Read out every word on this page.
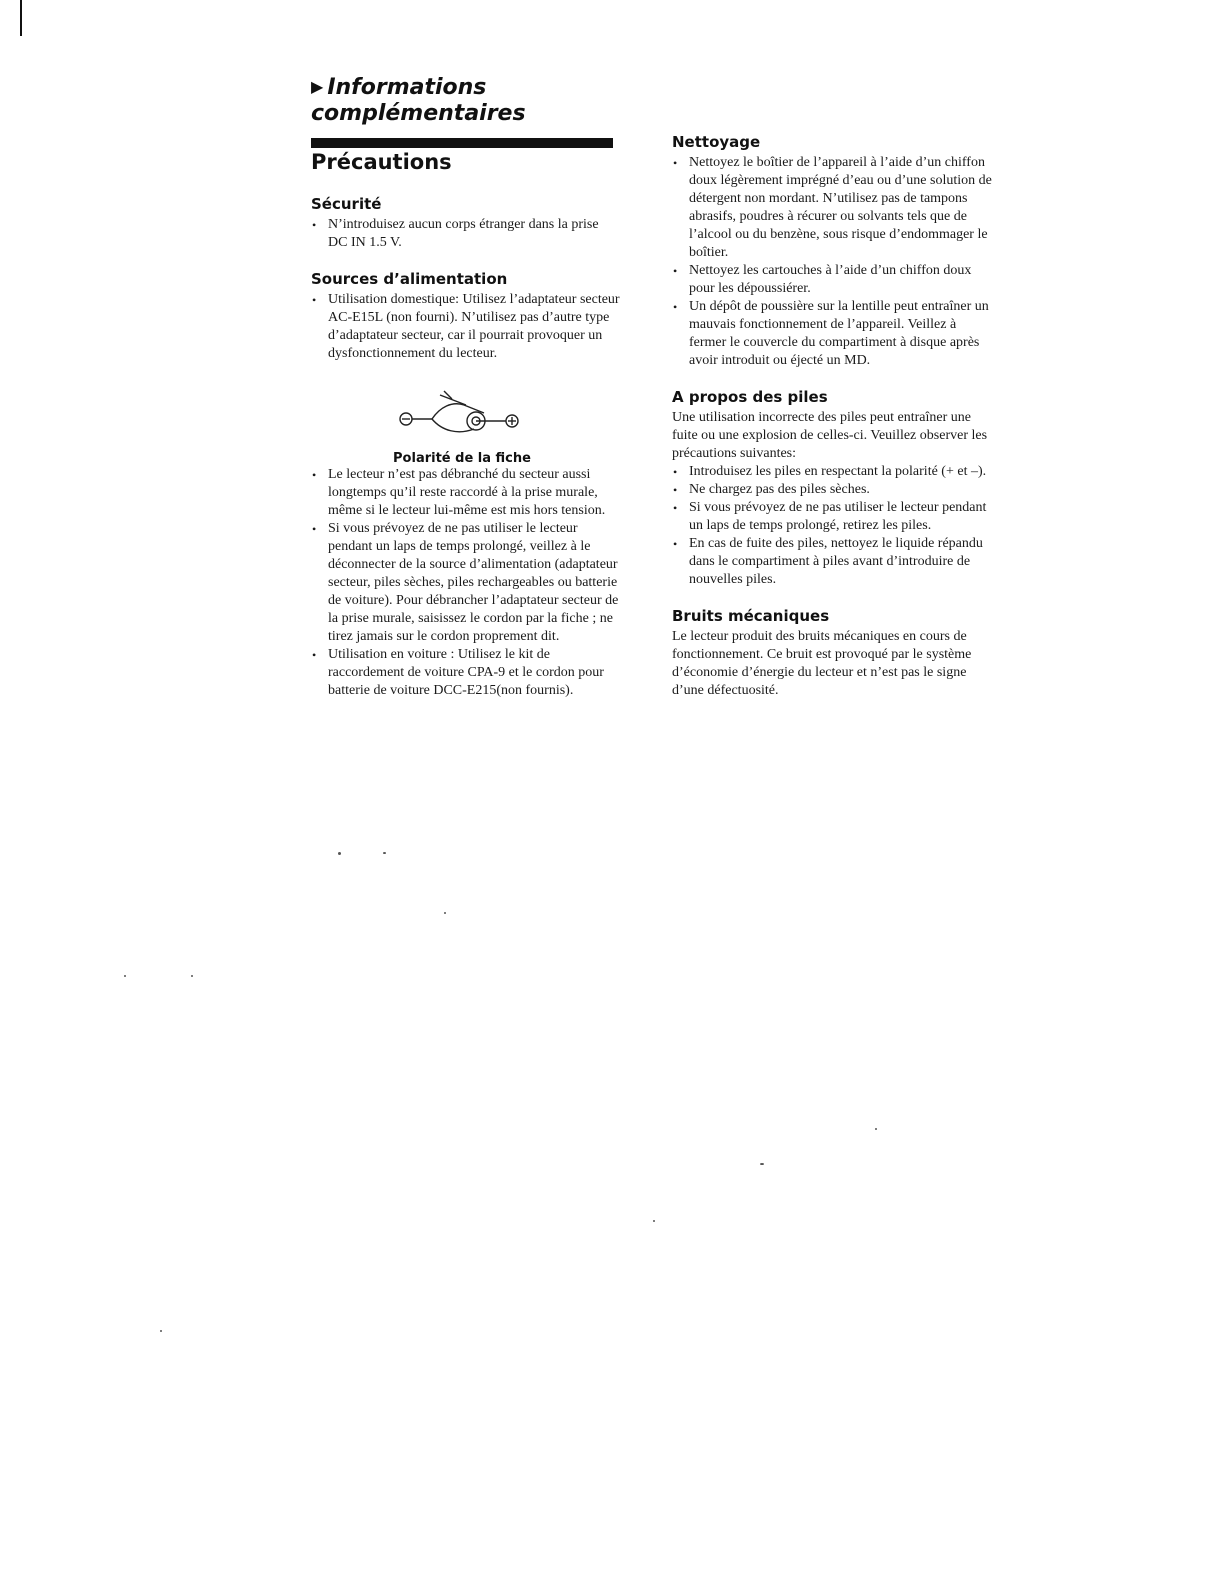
▶ Informations
complémentaires
Précautions
Sécurité
• N’introduisez aucun corps étranger dans la prise DC IN 1.5 V.
Sources d’alimentation
• Utilisation domestique: Utilisez l’adaptateur secteur AC-E15L (non fourni). N’utilisez pas d’autre type d’adaptateur secteur, car il pourrait provoquer un dysfonctionnement du lecteur.
Polarité de la fiche
• Le lecteur n’est pas débranché du secteur aussi longtemps qu’il reste raccordé à la prise murale, même si le lecteur lui-même est mis hors tension.
• Si vous prévoyez de ne pas utiliser le lecteur pendant un laps de temps prolongé, veillez à le déconnecter de la source d’alimentation (adaptateur secteur, piles sèches, piles rechargeables ou batterie de voiture). Pour débrancher l’adaptateur secteur de la prise murale, saisissez le cordon par la fiche ; ne tirez jamais sur le cordon proprement dit.
• Utilisation en voiture : Utilisez le kit de raccordement de voiture CPA-9 et le cordon pour batterie de voiture DCC-E215(non fournis).
Nettoyage
• Nettoyez le boîtier de l’appareil à l’aide d’un chiffon doux légèrement imprégné d’eau ou d’une solution de détergent non mordant. N’utilisez pas de tampons abrasifs, poudres à récurer ou solvants tels que de l’alcool ou du benzène, sous risque d’endommager le boîtier.
• Nettoyez les cartouches à l’aide d’un chiffon doux pour les dépoussiérer.
• Un dépôt de poussière sur la lentille peut entraîner un mauvais fonctionnement de l’appareil. Veillez à fermer le couvercle du compartiment à disque après avoir introduit ou éjecté un MD.
A propos des piles

Une utilisation incorrecte des piles peut entraîner une fuite ou une explosion de celles-ci. Veuillez observer les précautions suivantes:

• Introduisez les piles en respectant la polarité (+ et –).
• Ne chargez pas des piles sèches.
• Si vous prévoyez de ne pas utiliser le lecteur pendant un laps de temps prolongé, retirez les piles.
• En cas de fuite des piles, nettoyez le liquide répandu dans le compartiment à piles avant d’introduire de nouvelles piles.
Bruits mécaniques

Le lecteur produit des bruits mécaniques en cours de fonctionnement. Ce bruit est provoqué par le système d’économie d’énergie du lecteur et n’est pas le signe d’une défectuosité.
